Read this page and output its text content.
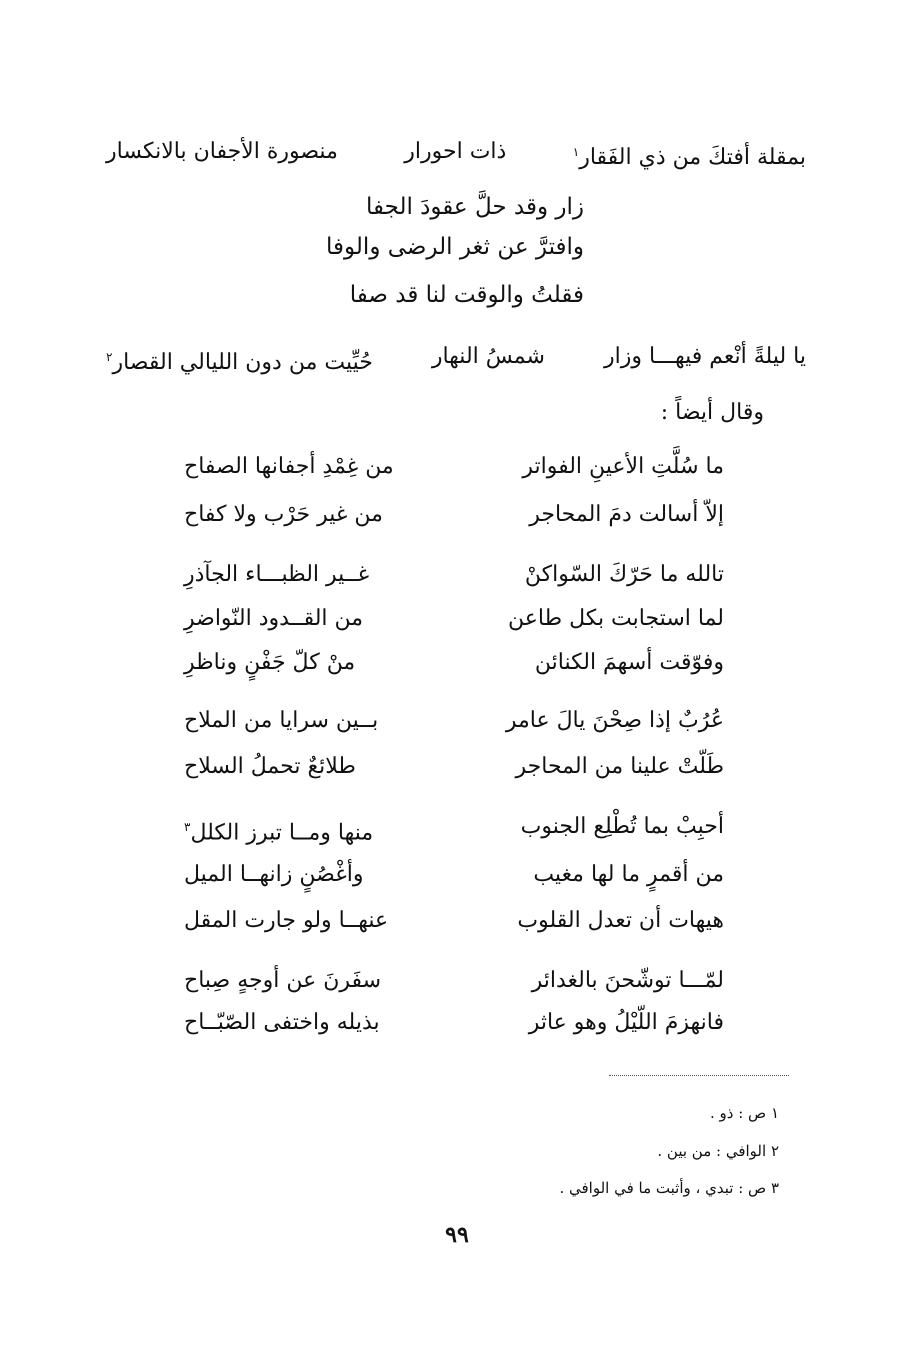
بمقلة أفتكَ من ذي الفَقار$^١$
ذات احورار
منصورة الأجفان بالانكسار
زار وقد حلَّ عقودَ الجفا
وافترَّ عن ثغر الرضى والوفا
فقلتُ والوقت لنا قد صفا
يا ليلةً أنْعم فيهـــا وزار
شمسُ النهار
حُيِّيت من دون الليالي القصار$^٢$
وقال أيضاً :
ما سُلَّتِ الأعينِ الفواتر
من غِمْدِ أجفانها الصفاح
إلاّ أسالت دمَ المحاجر
من غير حَرْب ولا كفاح
تالله ما حَرّكَ السّواكنْ
غــير الظبـــاء الجآذرِ
لما استجابت بكل طاعن
من القــدود النّواضرِ
وفوّقت أسهمَ الكنائن
منْ كلّ جَفْنٍ وناظرِ
عُرُبٌ إذا صِحْنَ يالَ عامر
بــين سرايا من الملاح
طَلّتْ علينا من المحاجر
طلائعٌ تحملُ السلاح
أحبِبْ بما تُطْلِع الجنوب
منها ومــا تبرز الكلل$^٣$
من أقمرٍ ما لها مغيب
وأغْصُنٍ زانهــا الميل
هيهات أن تعدل القلوب
عنهــا ولو جارت المقل
لمّـــا توشّحنَ بالغدائر
سفَرنَ عن أوجهٍ صِباح
فانهزمَ اللّيْلُ وهو عاثر
بذيله واختفى الصّبّــاح
١ ص : ذو .
٢ الوافي : من بين .
٣ ص : تبدي ، وأثبت ما في الوافي .
٩٩
